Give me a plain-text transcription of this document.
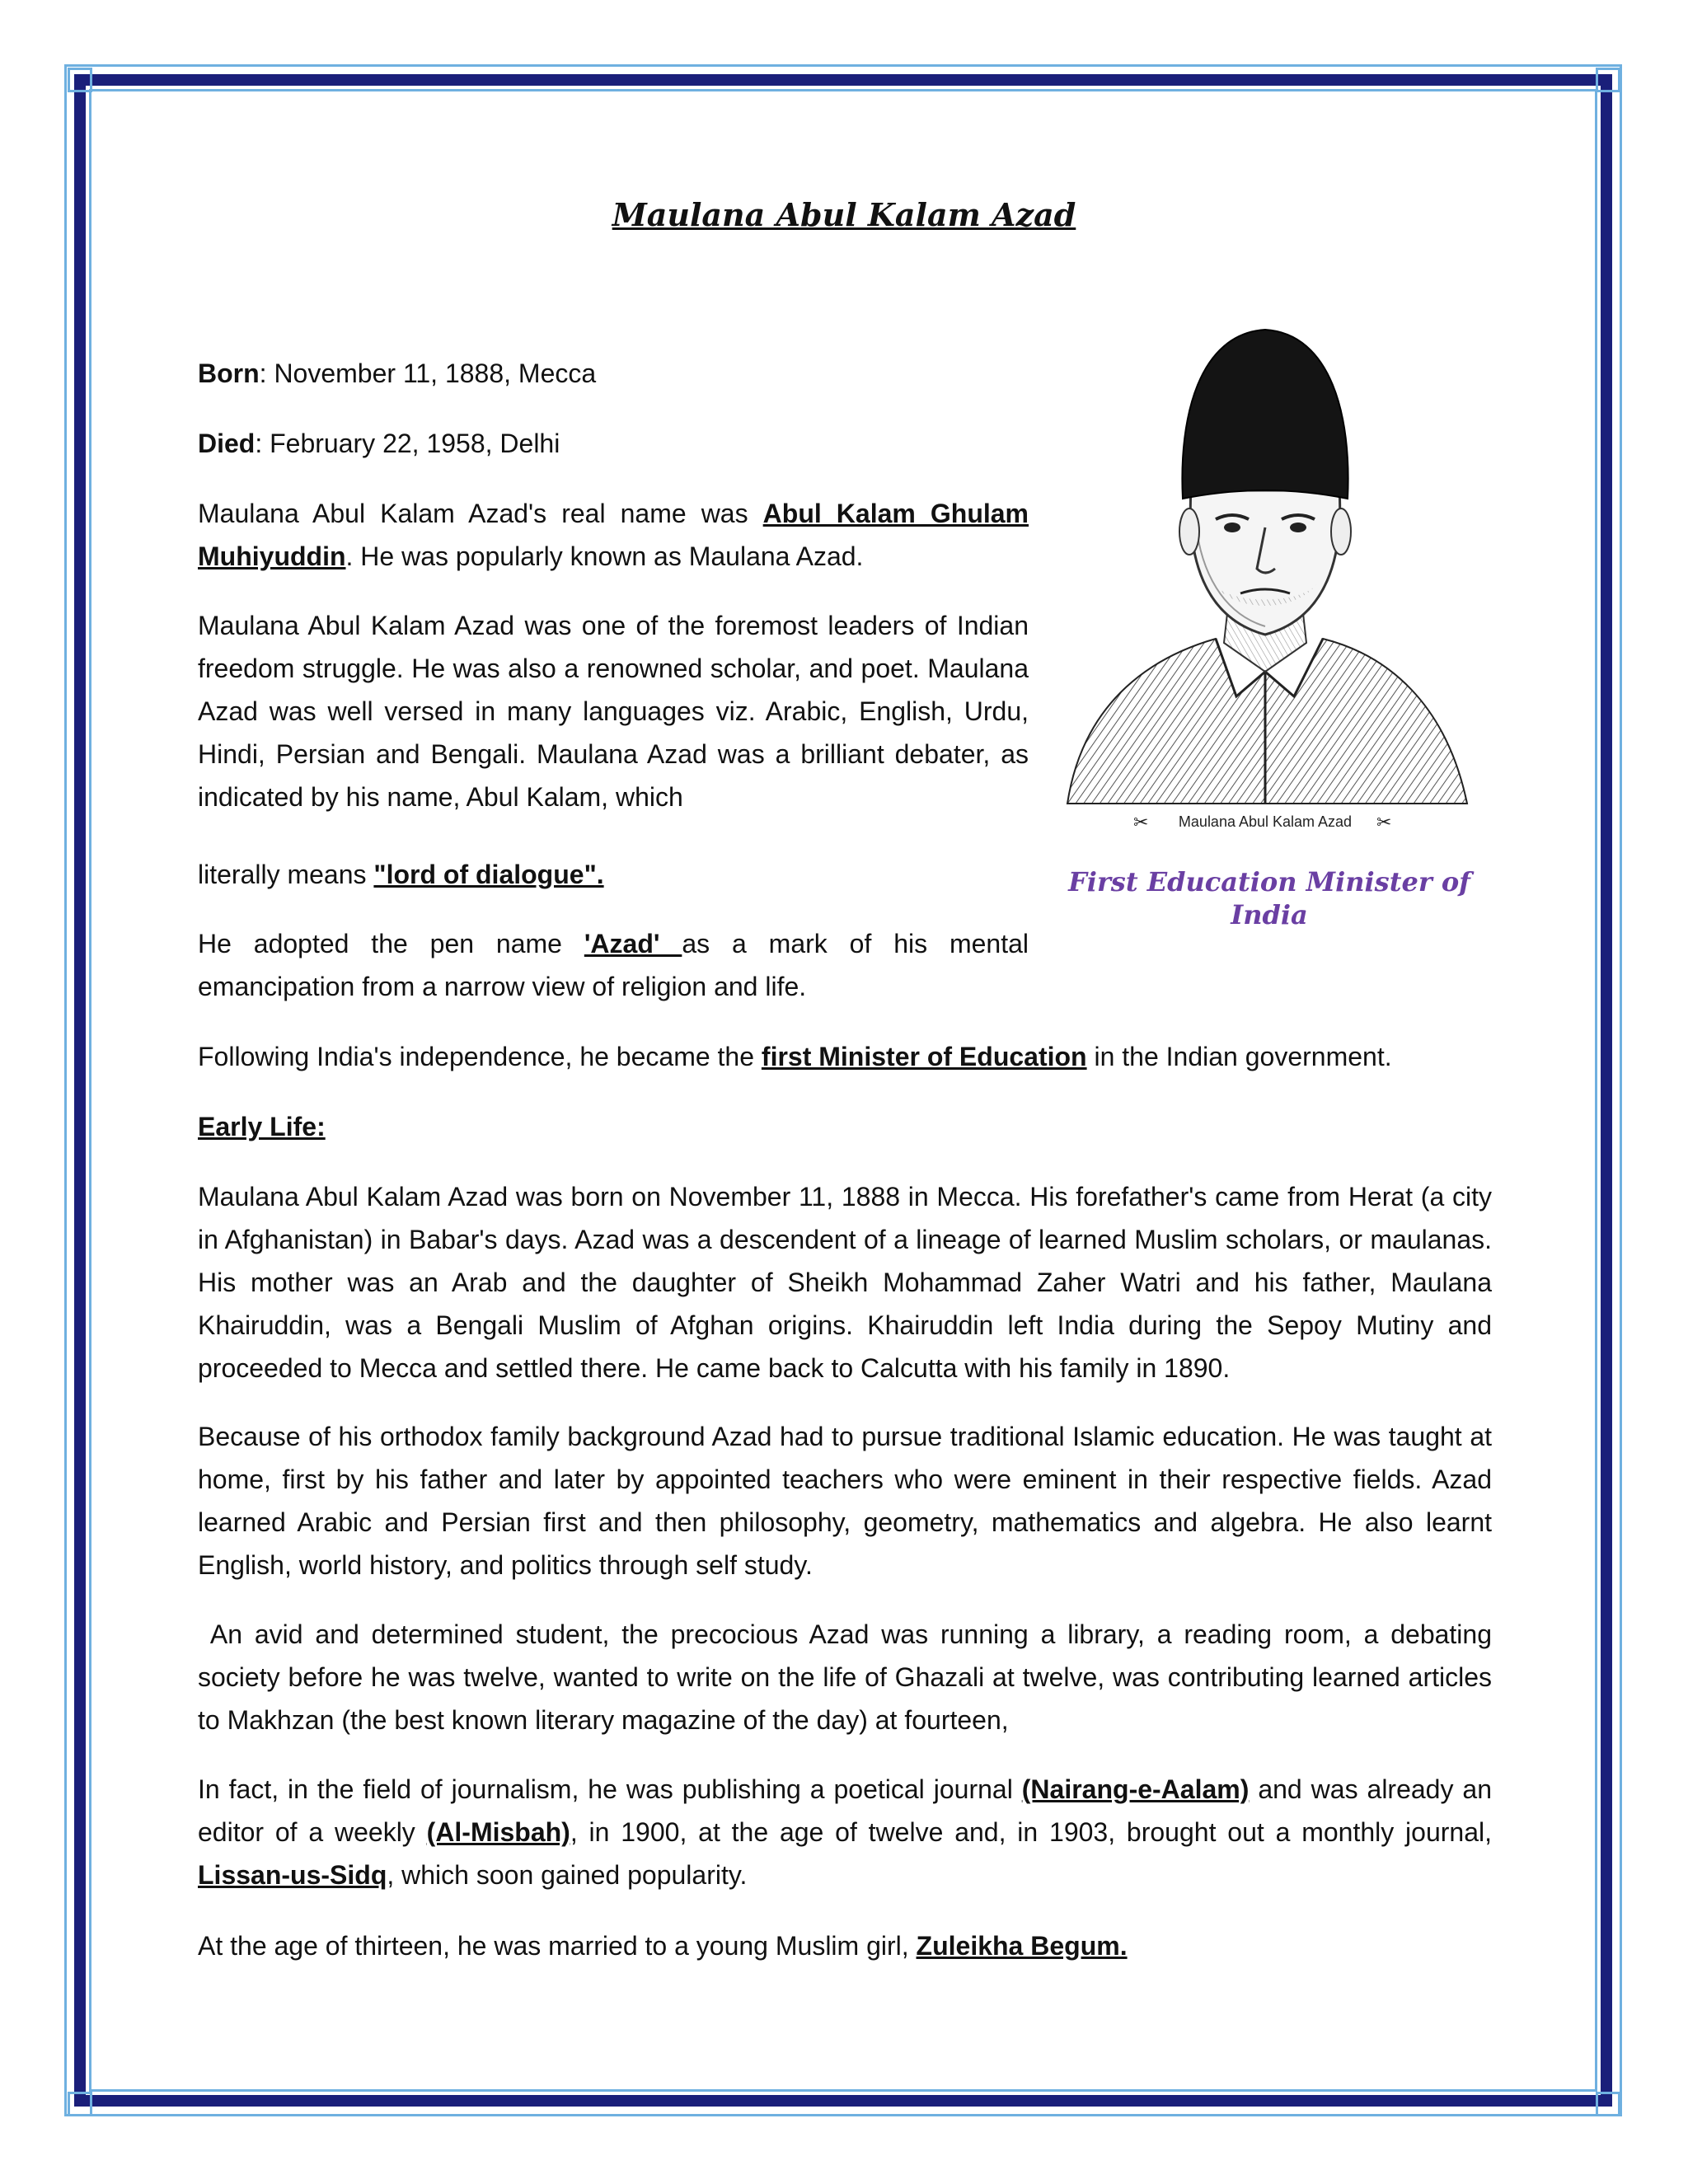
Maulana Abul Kalam Azad
Born: November 11, 1888, Mecca
Died: February 22, 1958, Delhi
Maulana Abul Kalam Azad's real name was Abul Kalam Ghulam Muhiyuddin. He was popularly known as Maulana Azad.
Maulana Abul Kalam Azad was one of the foremost leaders of Indian freedom struggle. He was also a renowned scholar, and poet. Maulana Azad was well versed in many languages viz. Arabic, English, Urdu, Hindi, Persian and Bengali. Maulana Azad was a brilliant debater, as indicated by his name, Abul Kalam, which
literally means "lord of dialogue".
He adopted the pen name 'Azad' as a mark of his mental emancipation from a narrow view of religion and life.
Following India's independence, he became the first Minister of Education in the Indian government.
Early Life:
Maulana Abul Kalam Azad was born on November 11, 1888 in Mecca. His forefather's came from Herat (a city in Afghanistan) in Babar's days. Azad was a descendent of a lineage of learned Muslim scholars, or maulanas. His mother was an Arab and the daughter of Sheikh Mohammad Zaher Watri and his father, Maulana Khairuddin, was a Bengali Muslim of Afghan origins. Khairuddin left India during the Sepoy Mutiny and proceeded to Mecca and settled there. He came back to Calcutta with his family in 1890.
Because of his orthodox family background Azad had to pursue traditional Islamic education. He was taught at home, first by his father and later by appointed teachers who were eminent in their respective fields. Azad learned Arabic and Persian first and then philosophy, geometry, mathematics and algebra. He also learnt English, world history, and politics through self study.
An avid and determined student, the precocious Azad was running a library, a reading room, a debating society before he was twelve, wanted to write on the life of Ghazali at twelve, was contributing learned articles to Makhzan (the best known literary magazine of the day) at fourteen,
In fact, in the field of journalism, he was publishing a poetical journal (Nairang-e-Aalam) and was already an editor of a weekly (Al-Misbah), in 1900, at the age of twelve and, in 1903, brought out a monthly journal, Lissan-us-Sidq, which soon gained popularity.
At the age of thirteen, he was married to a young Muslim girl, Zuleikha Begum.
Maulana Abul Kalam Azad
✂	✂
First Education Minister of India
